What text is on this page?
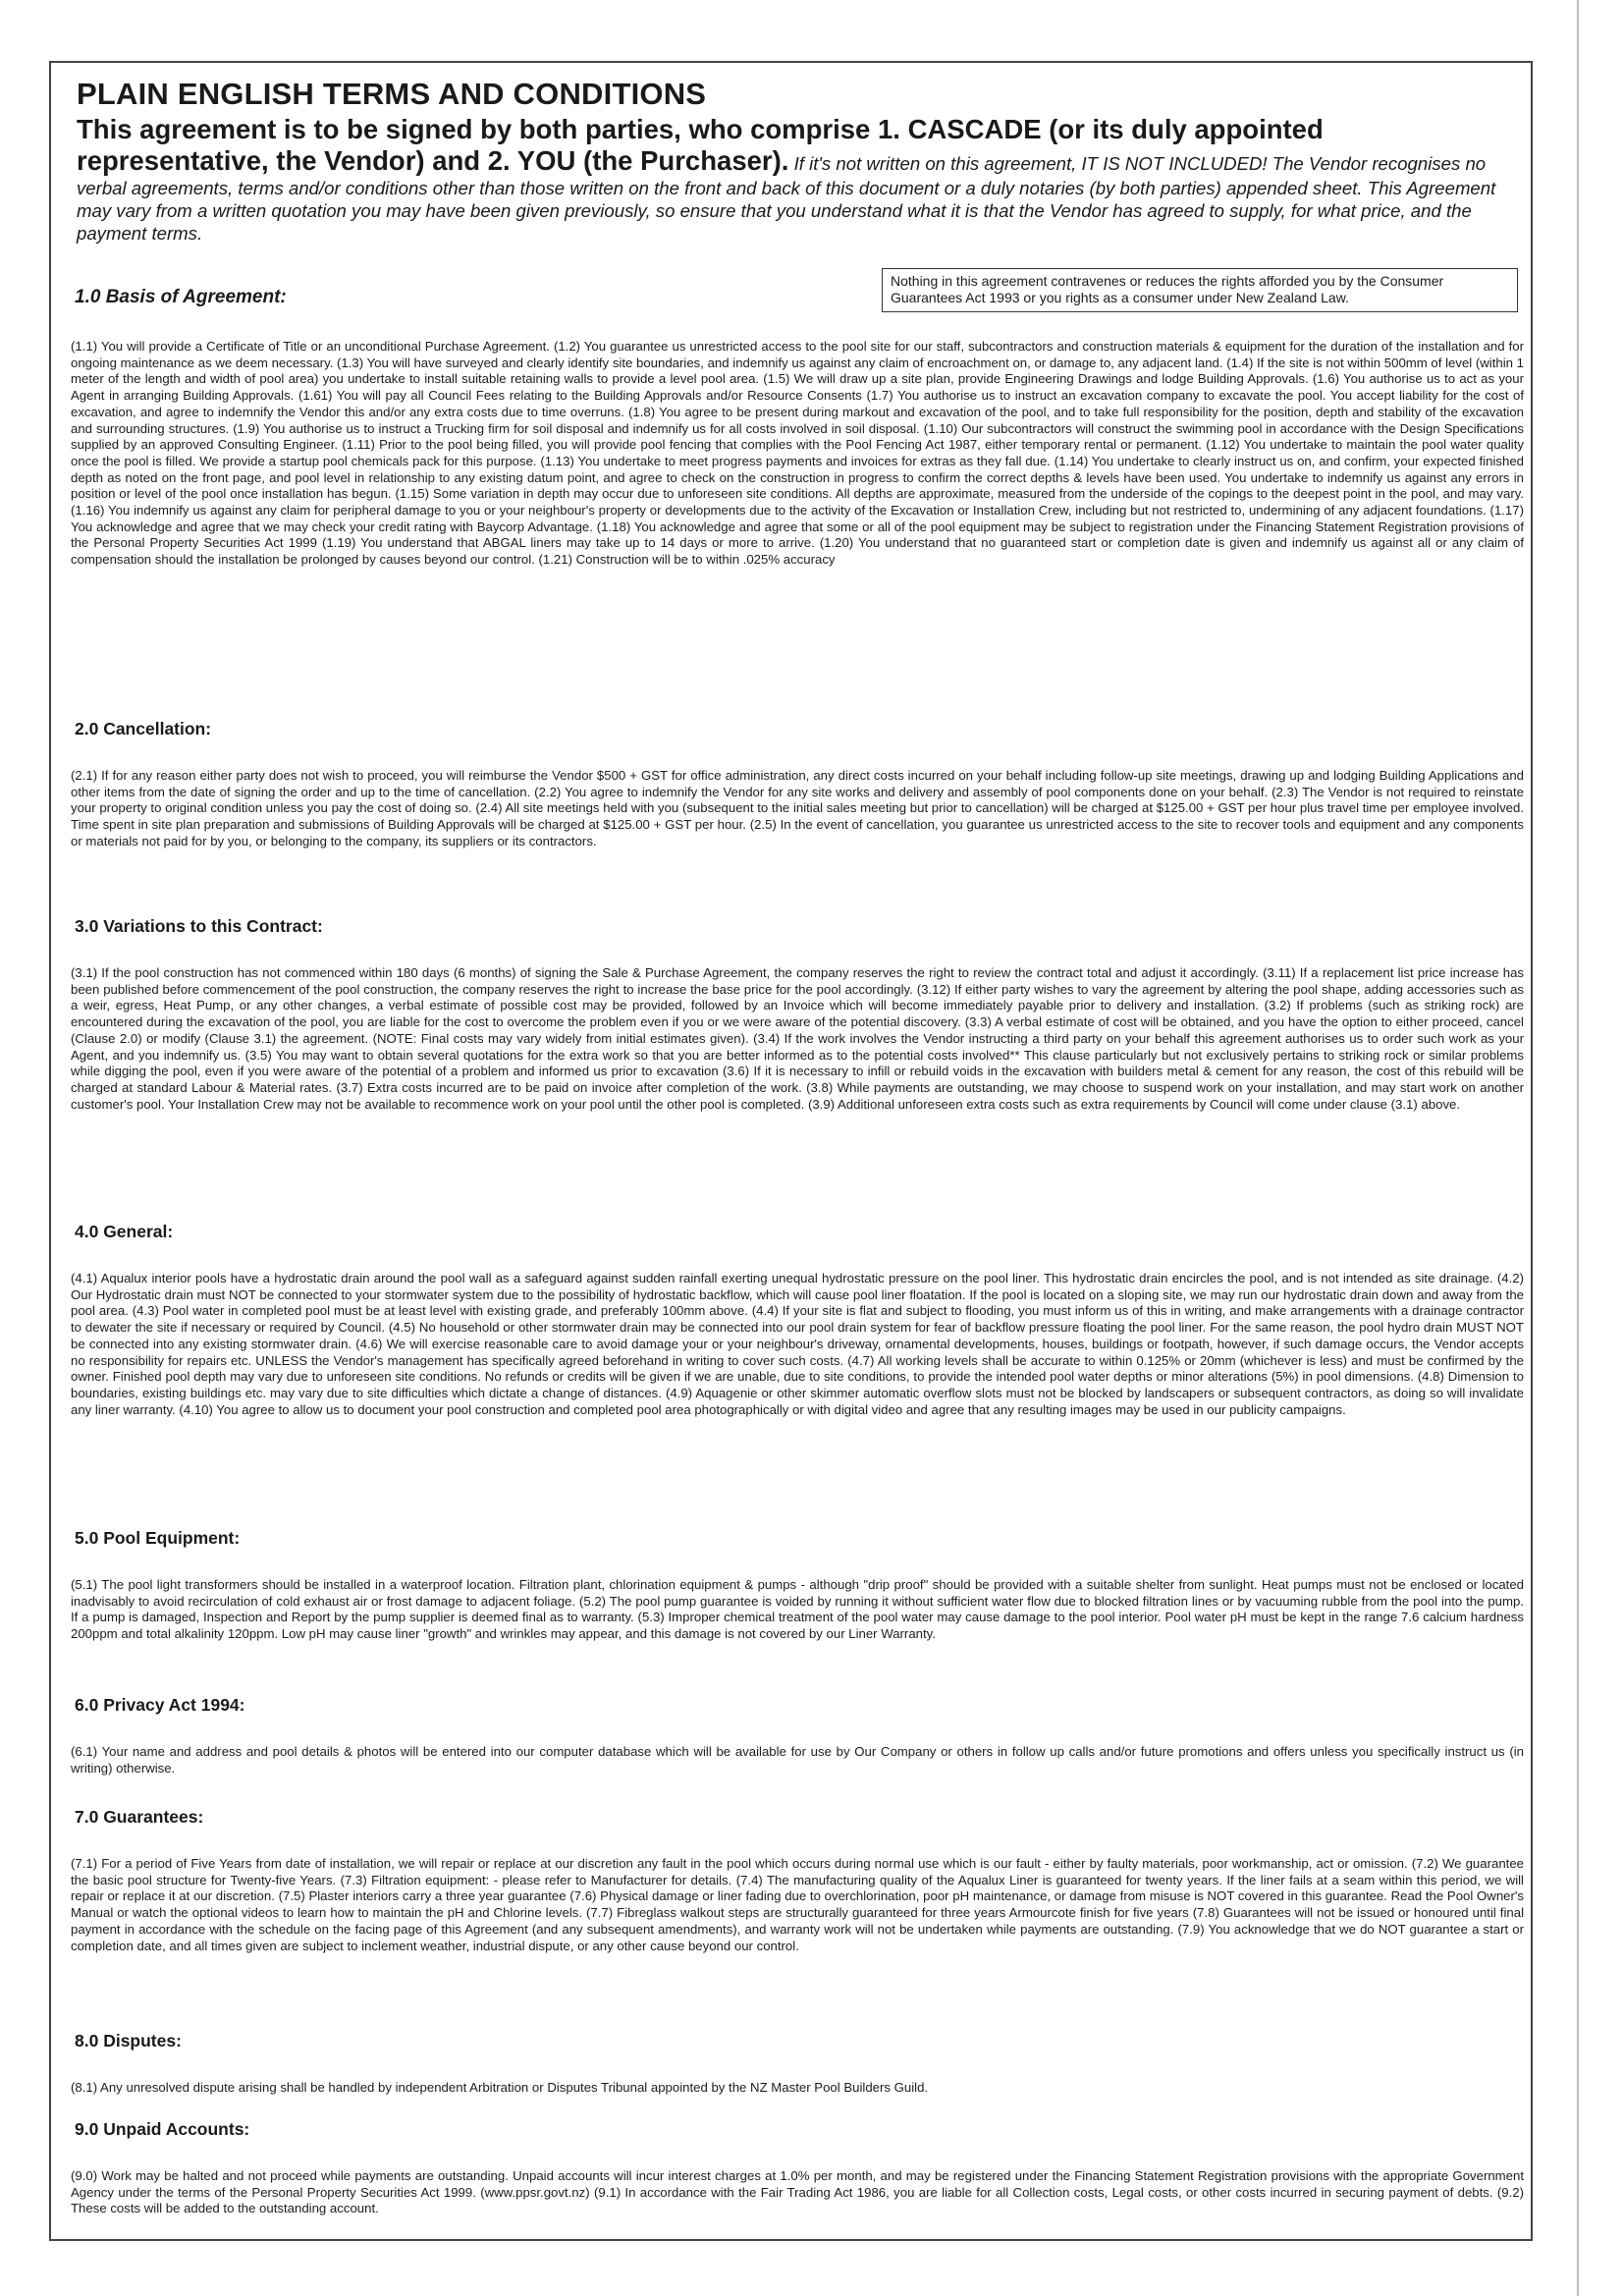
PLAIN ENGLISH TERMS AND CONDITIONS

This agreement is to be signed by both parties, who comprise 1. CASCADE (or its duly appointed representative, the Vendor) and 2. YOU (the Purchaser). If it's not written on this agreement, IT IS NOT INCLUDED! The Vendor recognises no verbal agreements, terms and/or conditions other than those written on the front and back of this document or a duly notaries (by both parties) appended sheet. This Agreement may vary from a written quotation you may have been given previously, so ensure that you understand what it is that the Vendor has agreed to supply, for what price, and the payment terms.

Nothing in this agreement contravenes or reduces the rights afforded you by the Consumer Guarantees Act 1993 or you rights as a consumer under New Zealand Law.
1.0 Basis of Agreement:

(1.1) You will provide a Certificate of Title or an unconditional Purchase Agreement. (1.2) You guarantee us unrestricted access to the pool site for our staff, subcontractors and construction materials & equipment for the duration of the installation and for ongoing maintenance as we deem necessary. (1.3) You will have surveyed and clearly identify site boundaries, and indemnify us against any claim of encroachment on, or damage to, any adjacent land. (1.4) If the site is not within 500mm of level (within 1 meter of the length and width of pool area) you undertake to install suitable retaining walls to provide a level pool area. (1.5) We will draw up a site plan, provide Engineering Drawings and lodge Building Approvals. (1.6) You authorise us to act as your Agent in arranging Building Approvals. (1.61) You will pay all Council Fees relating to the Building Approvals and/or Resource Consents (1.7) You authorise us to instruct an excavation company to excavate the pool. You accept liability for the cost of excavation, and agree to indemnify the Vendor this and/or any extra costs due to time overruns. (1.8) You agree to be present during markout and excavation of the pool, and to take full responsibility for the position, depth and stability of the excavation and surrounding structures. (1.9) You authorise us to instruct a Trucking firm for soil disposal and indemnify us for all costs involved in soil disposal. (1.10) Our subcontractors will construct the swimming pool in accordance with the Design Specifications supplied by an approved Consulting Engineer. (1.11) Prior to the pool being filled, you will provide pool fencing that complies with the Pool Fencing Act 1987, either temporary rental or permanent. (1.12) You undertake to maintain the pool water quality once the pool is filled. We provide a startup pool chemicals pack for this purpose. (1.13) You undertake to meet progress payments and invoices for extras as they fall due. (1.14) You undertake to clearly instruct us on, and confirm, your expected finished depth as noted on the front page, and pool level in relationship to any existing datum point, and agree to check on the construction in progress to confirm the correct depths & levels have been used. You undertake to indemnify us against any errors in position or level of the pool once installation has begun. (1.15) Some variation in depth may occur due to unforeseen site conditions. All depths are approximate, measured from the underside of the copings to the deepest point in the pool, and may vary.(1.16) You indemnify us against any claim for peripheral damage to you or your neighbour's property or developments due to the activity of the Excavation or Installation Crew, including but not restricted to, undermining of any adjacent foundations. (1.17) You acknowledge and agree that we may check your credit rating with Baycorp Advantage. (1.18) You acknowledge and agree that some or all of the pool equipment may be subject to registration under the Financing Statement Registration provisions of the Personal Property Securities Act 1999 (1.19) You understand that ABGAL liners may take up to 14 days or more to arrive. (1.20) You understand that no guaranteed start or completion date is given and indemnify us against all or any claim of compensation should the installation be prolonged by causes beyond our control. (1.21) Construction will be to within .025% accuracy

2.0 Cancellation:

(2.1) If for any reason either party does not wish to proceed, you will reimburse the Vendor $500 + GST for office administration, any direct costs incurred on your behalf including follow-up site meetings, drawing up and lodging Building Applications and other items from the date of signing the order and up to the time of cancellation. (2.2) You agree to indemnify the Vendor for any site works and delivery and assembly of pool components done on your behalf. (2.3) The Vendor is not required to reinstate your property to original condition unless you pay the cost of doing so. (2.4) All site meetings held with you (subsequent to the initial sales meeting but prior to cancellation) will be charged at $125.00 + GST per hour plus travel time per employee involved. Time spent in site plan preparation and submissions of Building Approvals will be charged at $125.00 + GST per hour. (2.5) In the event of cancellation, you guarantee us unrestricted access to the site to recover tools and equipment and any components or materials not paid for by you, or belonging to the company, its suppliers or its contractors.

3.0 Variations to this Contract:

(3.1) If the pool construction has not commenced within 180 days (6 months) of signing the Sale & Purchase Agreement, the company reserves the right to review the contract total and adjust it accordingly. (3.11) If a replacement list price increase has been published before commencement of the pool construction, the company reserves the right to increase the base price for the pool accordingly. (3.12) If either party wishes to vary the agreement by altering the pool shape, adding accessories such as a weir, egress, Heat Pump, or any other changes, a verbal estimate of possible cost may be provided, followed by an Invoice which will become immediately payable prior to delivery and installation. (3.2) If problems (such as striking rock) are encountered during the excavation of the pool, you are liable for the cost to overcome the problem even if you or we were aware of the potential discovery. (3.3) A verbal estimate of cost will be obtained, and you have the option to either proceed, cancel (Clause 2.0) or modify (Clause 3.1) the agreement. (NOTE: Final costs may vary widely from initial estimates given). (3.4) If the work involves the Vendor instructing a third party on your behalf this agreement authorises us to order such work as your Agent, and you indemnify us. (3.5) You may want to obtain several quotations for the extra work so that you are better informed as to the potential costs involved** This clause particularly but not exclusively pertains to striking rock or similar problems while digging the pool, even if you were aware of the potential of a problem and informed us prior to excavation (3.6) If it is necessary to infill or rebuild voids in the excavation with builders metal & cement for any reason, the cost of this rebuild will be charged at standard Labour & Material rates. (3.7) Extra costs incurred are to be paid on invoice after completion of the work. (3.8) While payments are outstanding, we may choose to suspend work on your installation, and may start work on another customer's pool. Your Installation Crew may not be available to recommence work on your pool until the other pool is completed. (3.9) Additional unforeseen extra costs such as extra requirements by Council will come under clause (3.1) above.

4.0 General:

(4.1) Aqualux interior pools have a hydrostatic drain around the pool wall as a safeguard against sudden rainfall exerting unequal hydrostatic pressure on the pool liner. This hydrostatic drain encircles the pool, and is not intended as site drainage. (4.2) Our Hydrostatic drain must NOT be connected to your stormwater system due to the possibility of hydrostatic backflow, which will cause pool liner floatation. If the pool is located on a sloping site, we may run our hydrostatic drain down and away from the pool area. (4.3) Pool water in completed pool must be at least level with existing grade, and preferably 100mm above. (4.4) If your site is flat and subject to flooding, you must inform us of this in writing, and make arrangements with a drainage contractor to dewater the site if necessary or required by Council. (4.5) No household or other stormwater drain may be connected into our pool drain system for fear of backflow pressure floating the pool liner. For the same reason, the pool hydro drain MUST NOT be connected into any existing stormwater drain. (4.6) We will exercise reasonable care to avoid damage your or your neighbour's driveway, ornamental developments, houses, buildings or footpath, however, if such damage occurs, the Vendor accepts no responsibility for repairs etc. UNLESS the Vendor's management has specifically agreed beforehand in writing to cover such costs. (4.7) All working levels shall be accurate to within 0.125% or 20mm (whichever is less) and must be confirmed by the owner. Finished pool depth may vary due to unforeseen site conditions. No refunds or credits will be given if we are unable, due to site conditions, to provide the intended pool water depths or minor alterations (5%) in pool dimensions. (4.8) Dimension to boundaries, existing buildings etc. may vary due to site difficulties which dictate a change of distances. (4.9) Aquagenie or other skimmer automatic overflow slots must not be blocked by landscapers or subsequent contractors, as doing so will invalidate any liner warranty. (4.10) You agree to allow us to document your pool construction and completed pool area photographically or with digital video and agree that any resulting images may be used in our publicity campaigns.

5.0 Pool Equipment:

(5.1) The pool light transformers should be installed in a waterproof location. Filtration plant, chlorination equipment & pumps - although "drip proof" should be provided with a suitable shelter from sunlight. Heat pumps must not be enclosed or located inadvisably to avoid recirculation of cold exhaust air or frost damage to adjacent foliage. (5.2) The pool pump guarantee is voided by running it without sufficient water flow due to blocked filtration lines or by vacuuming rubble from the pool into the pump. If a pump is damaged, Inspection and Report by the pump supplier is deemed final as to warranty. (5.3) Improper chemical treatment of the pool water may cause damage to the pool interior. Pool water pH must be kept in the range 7.6 calcium hardness 200ppm and total alkalinity 120ppm. Low pH may cause liner "growth" and wrinkles may appear, and this damage is not covered by our Liner Warranty.

6.0 Privacy Act 1994:

(6.1) Your name and address and pool details & photos will be entered into our computer database which will be available for use by Our Company or others in follow up calls and/or future promotions and offers unless you specifically instruct us (in writing) otherwise.

7.0 Guarantees:

(7.1) For a period of Five Years from date of installation, we will repair or replace at our discretion any fault in the pool which occurs during normal use which is our fault - either by faulty materials, poor workmanship, act or omission. (7.2) We guarantee the basic pool structure for Twenty-five Years. (7.3) Filtration equipment: - please refer to Manufacturer for details. (7.4) The manufacturing quality of the Aqualux Liner is guaranteed for twenty years. If the liner fails at a seam within this period, we will repair or replace it at our discretion. (7.5) Plaster interiors carry a three year guarantee (7.6) Physical damage or liner fading due to overchlorination, poor pH maintenance, or damage from misuse is NOT covered in this guarantee. Read the Pool Owner's Manual or watch the optional videos to learn how to maintain the pH and Chlorine levels. (7.7) Fibreglass walkout steps are structurally guaranteed for three years Armourcote finish for five years (7.8) Guarantees will not be issued or honoured until final payment in accordance with the schedule on the facing page of this Agreement (and any subsequent amendments), and warranty work will not be undertaken while payments are outstanding. (7.9) You acknowledge that we do NOT guarantee a start or completion date, and all times given are subject to inclement weather, industrial dispute, or any other cause beyond our control.

8.0 Disputes:

(8.1) Any unresolved dispute arising shall be handled by independent Arbitration or Disputes Tribunal appointed by the NZ Master Pool Builders Guild.

9.0 Unpaid Accounts:

(9.0) Work may be halted and not proceed while payments are outstanding. Unpaid accounts will incur interest charges at 1.0% per month, and may be registered under the Financing Statement Registration provisions with the appropriate Government Agency under the terms of the Personal Property Securities Act 1999. (www.ppsr.govt.nz) (9.1) In accordance with the Fair Trading Act 1986, you are liable for all Collection costs, Legal costs, or other costs incurred in securing payment of debts. (9.2) These costs will be added to the outstanding account.
